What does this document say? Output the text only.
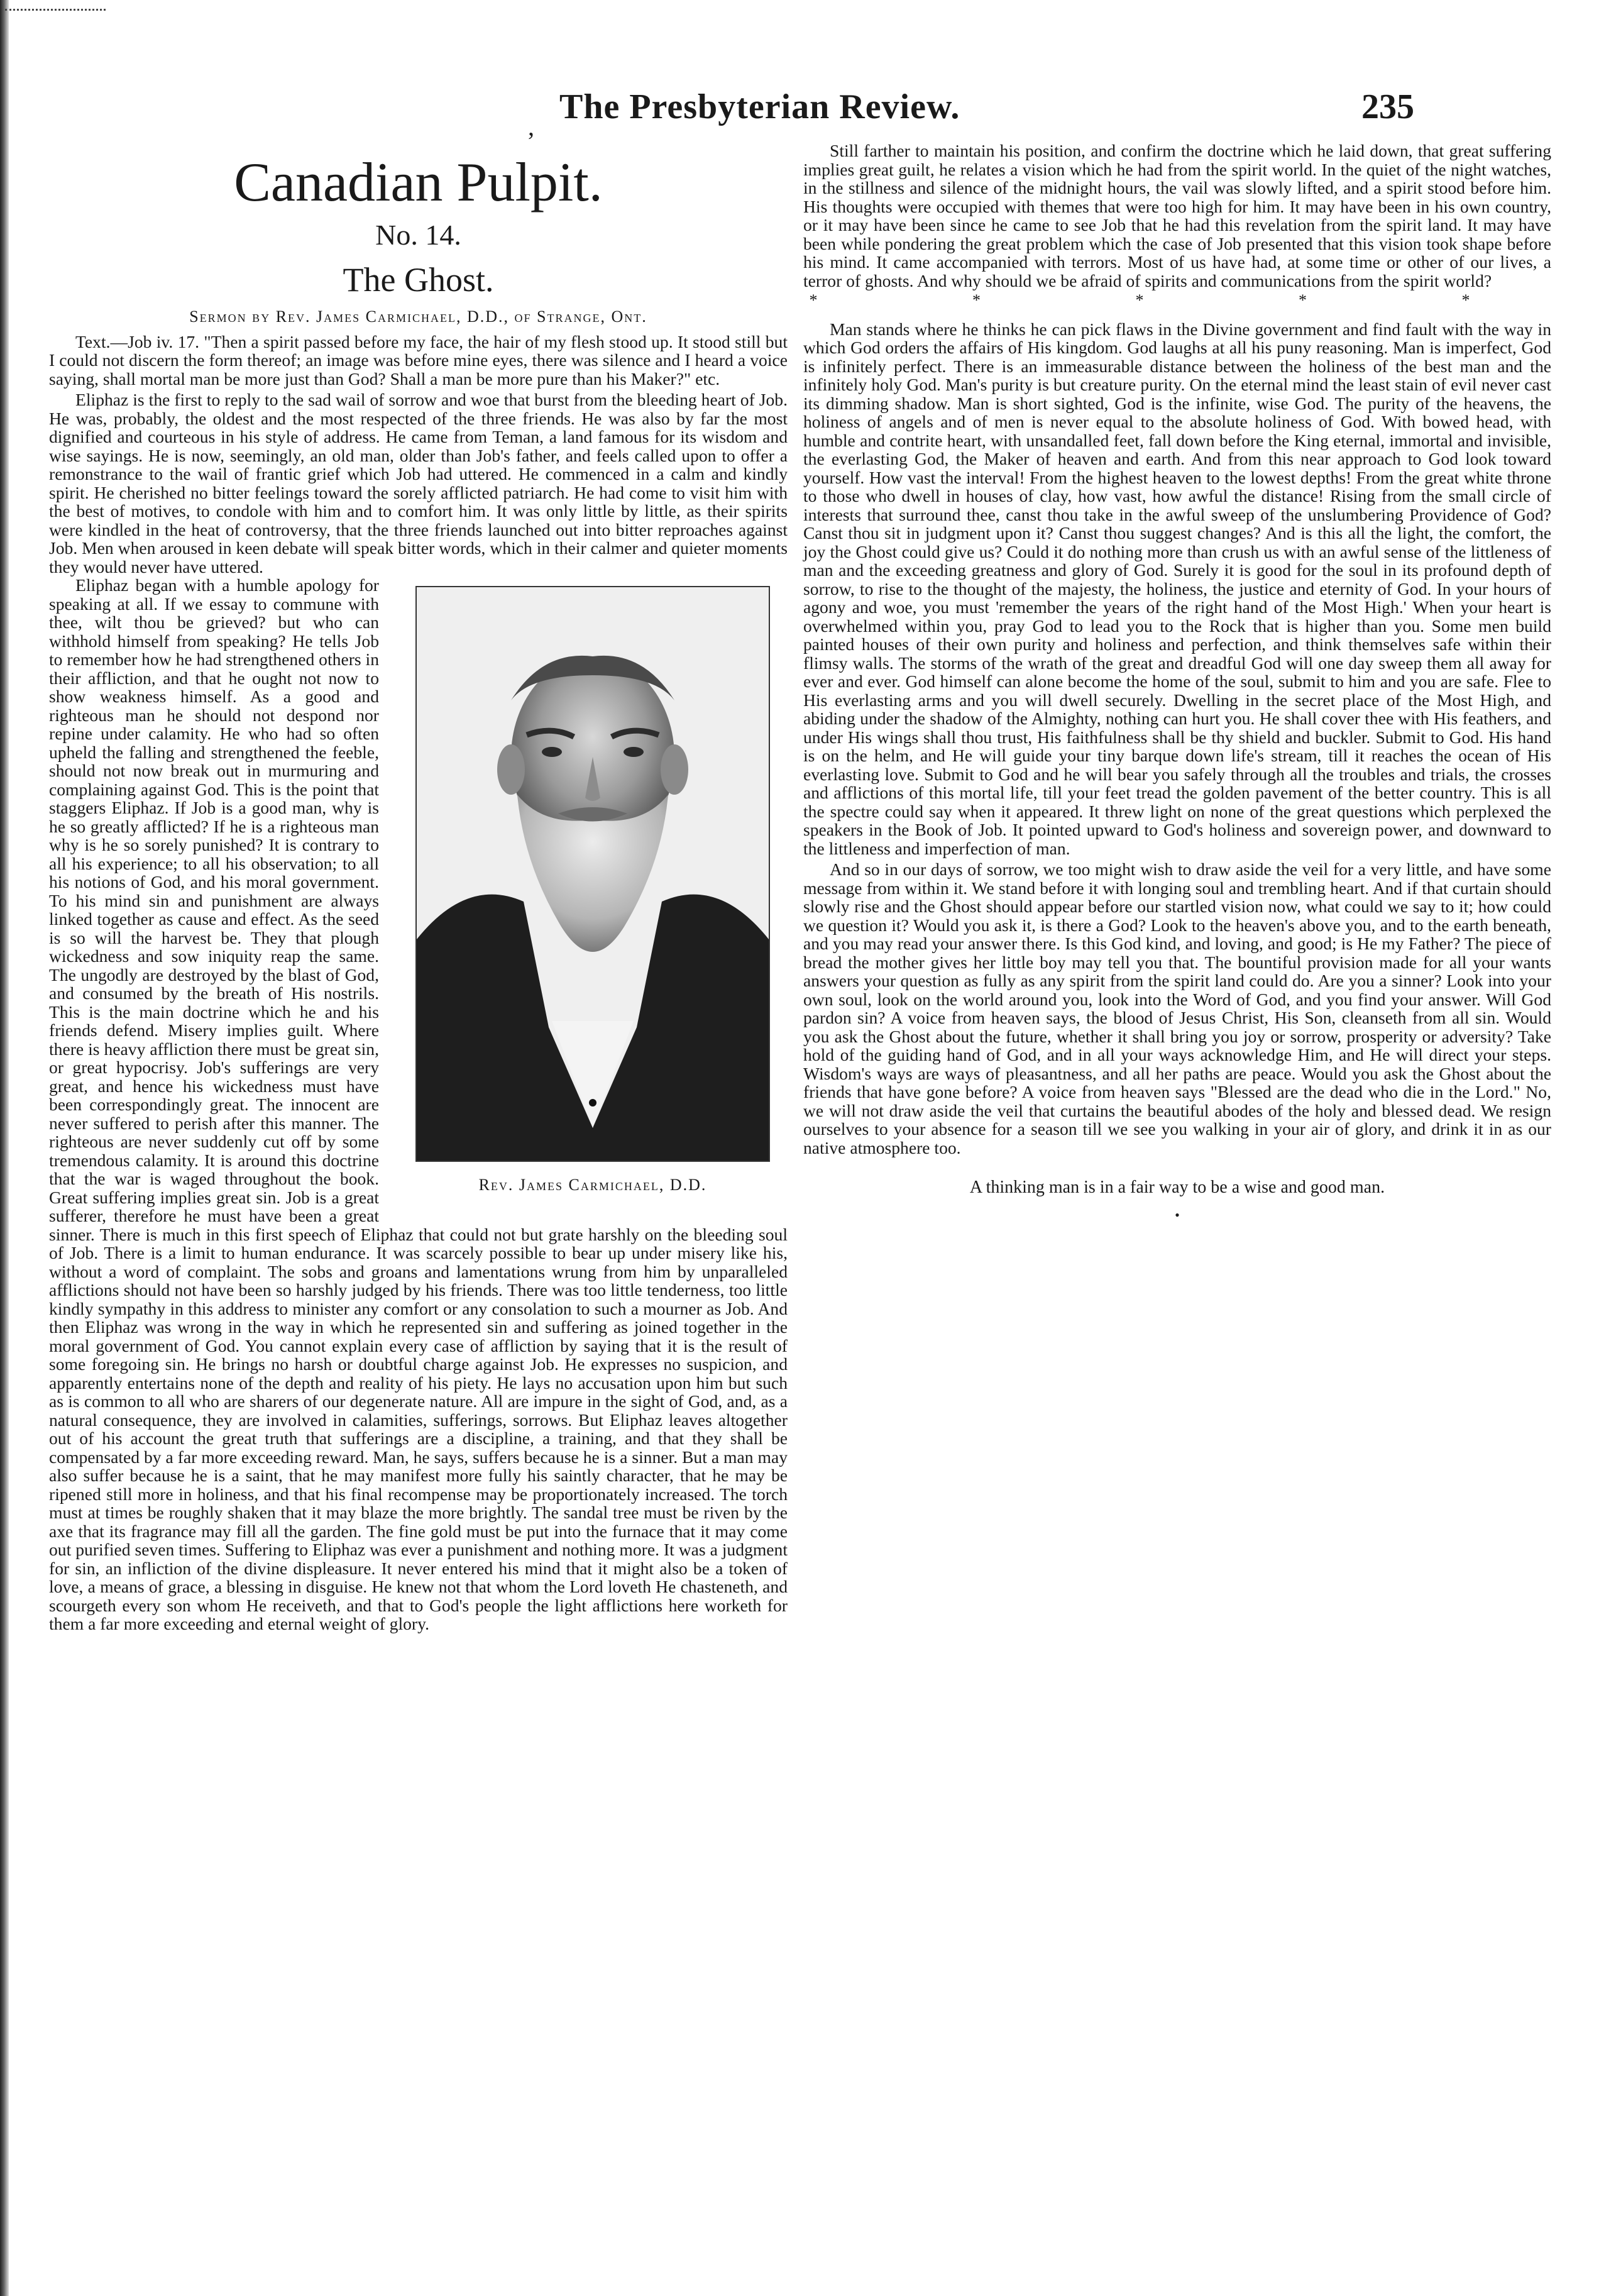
,
The Presbyterian Review.	235
Canadian Pulpit.
No. 14.
The Ghost.
Sermon by Rev. James Carmichael, D.D., of Strange, Ont.

Text.—Job iv. 17. "Then a spirit passed before my face, the hair of my flesh stood up. It stood still but I could not discern the form thereof; an image was before mine eyes, there was silence and I heard a voice saying, shall mortal man be more just than God? Shall a man be more pure than his Maker?" etc.

Eliphaz is the first to reply to the sad wail of sorrow and woe that burst from the bleeding heart of Job. He was, probably, the oldest and the most respected of the three friends. He was also by far the most dignified and courteous in his style of address. He came from Teman, a land famous for its wisdom and wise sayings. He is now, seemingly, an old man, older than Job's father, and feels called upon to offer a remonstrance to the wail of frantic grief which Job had uttered. He commenced in a calm and kindly spirit. He cherished no bitter feelings toward the sorely afflicted patriarch. He had come to visit him with the best of motives, to condole with him and to comfort him. It was only little by little, as their spirits were kindled in the heat of controversy, that the three friends launched out into bitter reproaches against Job. Men when aroused in keen debate will speak bitter words, which in their calmer and quieter moments they would never have uttered.

Rev. James Carmichael, D.D.

Eliphaz began with a humble apology for speaking at all. If we essay to commune with thee, wilt thou be grieved? but who can withhold himself from speaking? He tells Job to remember how he had strengthened others in their affliction, and that he ought not now to show weakness himself. As a good and righteous man he should not despond nor repine under calamity. He who had so often upheld the falling and strengthened the feeble, should not now break out in murmuring and complaining against God. This is the point that staggers Eliphaz. If Job is a good man, why is he so greatly afflicted? If he is a righteous man why is he so sorely punished? It is contrary to all his experience; to all his observation; to all his notions of God, and his moral government. To his mind sin and punishment are always linked together as cause and effect. As the seed is so will the harvest be. They that plough wickedness and sow iniquity reap the same. The ungodly are destroyed by the blast of God, and consumed by the breath of His nostrils. This is the main doctrine which he and his friends defend. Misery implies guilt. Where there is heavy affliction there must be great sin, or great hypocrisy. Job's sufferings are very great, and hence his wickedness must have been correspondingly great. The innocent are never suffered to perish after this manner. The righteous are never suddenly cut off by some tremendous calamity. It is around this doctrine that the war is waged throughout the book. Great suffering implies great sin. Job is a great sufferer, therefore he must have been a great sinner. There is much in this first speech of Eliphaz that could not but grate harshly on the bleeding soul of Job. There is a limit to human endurance. It was scarcely possible to bear up under misery like his, without a word of complaint. The sobs and groans and lamentations wrung from him by unparalleled afflictions should not have been so harshly judged by his friends. There was too little tenderness, too little kindly sympathy in this address to minister any comfort or any consolation to such a mourner as Job. And then Eliphaz was wrong in the way in which he represented sin and suffering as joined together in the moral government of God. You cannot explain every case of affliction by saying that it is the result of some foregoing sin. He brings no harsh or doubtful charge against Job. He expresses no suspicion, and apparently entertains none of the depth and reality of his piety. He lays no accusation upon him but such as is common to all who are sharers of our degenerate nature. All are impure in the sight of God, and, as a natural consequence, they are involved in calamities, sufferings, sorrows. But Eliphaz leaves altogether out of his account the great truth that sufferings are a discipline, a training, and that they shall be compensated by a far more exceeding reward. Man, he says, suffers because he is a sinner. But a man may also suffer because he is a saint, that he may manifest more fully his saintly character, that he may be ripened still more in holiness, and that his final recompense may be proportionately increased. The torch must at times be roughly shaken that it may blaze the more brightly. The sandal tree must be riven by the axe that its fragrance may fill all the garden. The fine gold must be put into the furnace that it may come out purified seven times. Suffering to Eliphaz was ever a punishment and nothing more. It was a judgment for sin, an infliction of the divine displeasure. It never entered his mind that it might also be a token of love, a means of grace, a blessing in disguise. He knew not that whom the Lord loveth He chasteneth, and scourgeth every son whom He receiveth, and that to God's people the light afflictions here worketh for them a far more exceeding and eternal weight of glory.

Still farther to maintain his position, and confirm the doctrine which he laid down, that great suffering implies great guilt, he relates a vision which he had from the spirit world. In the quiet of the night watches, in the stillness and silence of the midnight hours, the vail was slowly lifted, and a spirit stood before him. His thoughts were occupied with themes that were too high for him. It may have been in his own country, or it may have been since he came to see Job that he had this revelation from the spirit land. It may have been while pondering the great problem which the case of Job presented that this vision took shape before his mind. It came accompanied with terrors. Most of us have had, at some time or other of our lives, a terror of ghosts. And why should we be afraid of spirits and communications from the spirit world?

* * * * *

Man stands where he thinks he can pick flaws in the Divine government and find fault with the way in which God orders the affairs of His kingdom. God laughs at all his puny reasoning. Man is imperfect, God is infinitely perfect. There is an immeasurable distance between the holiness of the best man and the infinitely holy God. Man's purity is but creature purity. On the eternal mind the least stain of evil never cast its dimming shadow. Man is short sighted, God is the infinite, wise God. The purity of the heavens, the holiness of angels and of men is never equal to the absolute holiness of God. With bowed head, with humble and contrite heart, with unsandalled feet, fall down before the King eternal, immortal and invisible, the everlasting God, the Maker of heaven and earth. And from this near approach to God look toward yourself. How vast the interval! From the highest heaven to the lowest depths! From the great white throne to those who dwell in houses of clay, how vast, how awful the distance! Rising from the small circle of interests that surround thee, canst thou take in the awful sweep of the unslumbering Providence of God? Canst thou sit in judgment upon it? Canst thou suggest changes? And is this all the light, the comfort, the joy the Ghost could give us? Could it do nothing more than crush us with an awful sense of the littleness of man and the exceeding greatness and glory of God. Surely it is good for the soul in its profound depth of sorrow, to rise to the thought of the majesty, the holiness, the justice and eternity of God. In your hours of agony and woe, you must 'remember the years of the right hand of the Most High.' When your heart is overwhelmed within you, pray God to lead you to the Rock that is higher than you. Some men build painted houses of their own purity and holiness and perfection, and think themselves safe within their flimsy walls. The storms of the wrath of the great and dreadful God will one day sweep them all away for ever and ever. God himself can alone become the home of the soul, submit to him and you are safe. Flee to His everlasting arms and you will dwell securely. Dwelling in the secret place of the Most High, and abiding under the shadow of the Almighty, nothing can hurt you. He shall cover thee with His feathers, and under His wings shall thou trust, His faithfulness shall be thy shield and buckler. Submit to God. His hand is on the helm, and He will guide your tiny barque down life's stream, till it reaches the ocean of His everlasting love. Submit to God and he will bear you safely through all the troubles and trials, the crosses and afflictions of this mortal life, till your feet tread the golden pavement of the better country. This is all the spectre could say when it appeared. It threw light on none of the great questions which perplexed the speakers in the Book of Job. It pointed upward to God's holiness and sovereign power, and downward to the littleness and imperfection of man.

And so in our days of sorrow, we too might wish to draw aside the veil for a very little, and have some message from within it. We stand before it with longing soul and trembling heart. And if that curtain should slowly rise and the Ghost should appear before our startled vision now, what could we say to it; how could we question it? Would you ask it, is there a God? Look to the heaven's above you, and to the earth beneath, and you may read your answer there. Is this God kind, and loving, and good; is He my Father? The piece of bread the mother gives her little boy may tell you that. The bountiful provision made for all your wants answers your question as fully as any spirit from the spirit land could do. Are you a sinner? Look into your own soul, look on the world around you, look into the Word of God, and you find your answer. Will God pardon sin? A voice from heaven says, the blood of Jesus Christ, His Son, cleanseth from all sin. Would you ask the Ghost about the future, whether it shall bring you joy or sorrow, prosperity or adversity? Take hold of the guiding hand of God, and in all your ways acknowledge Him, and He will direct your steps. Wisdom's ways are ways of pleasantness, and all her paths are peace. Would you ask the Ghost about the friends that have gone before? A voice from heaven says "Blessed are the dead who die in the Lord." No, we will not draw aside the veil that curtains the beautiful abodes of the holy and blessed dead. We resign ourselves to your absence for a season till we see you walking in your air of glory, and drink it in as our native atmosphere too.

A thinking man is in a fair way to be a wise and good man.
•
